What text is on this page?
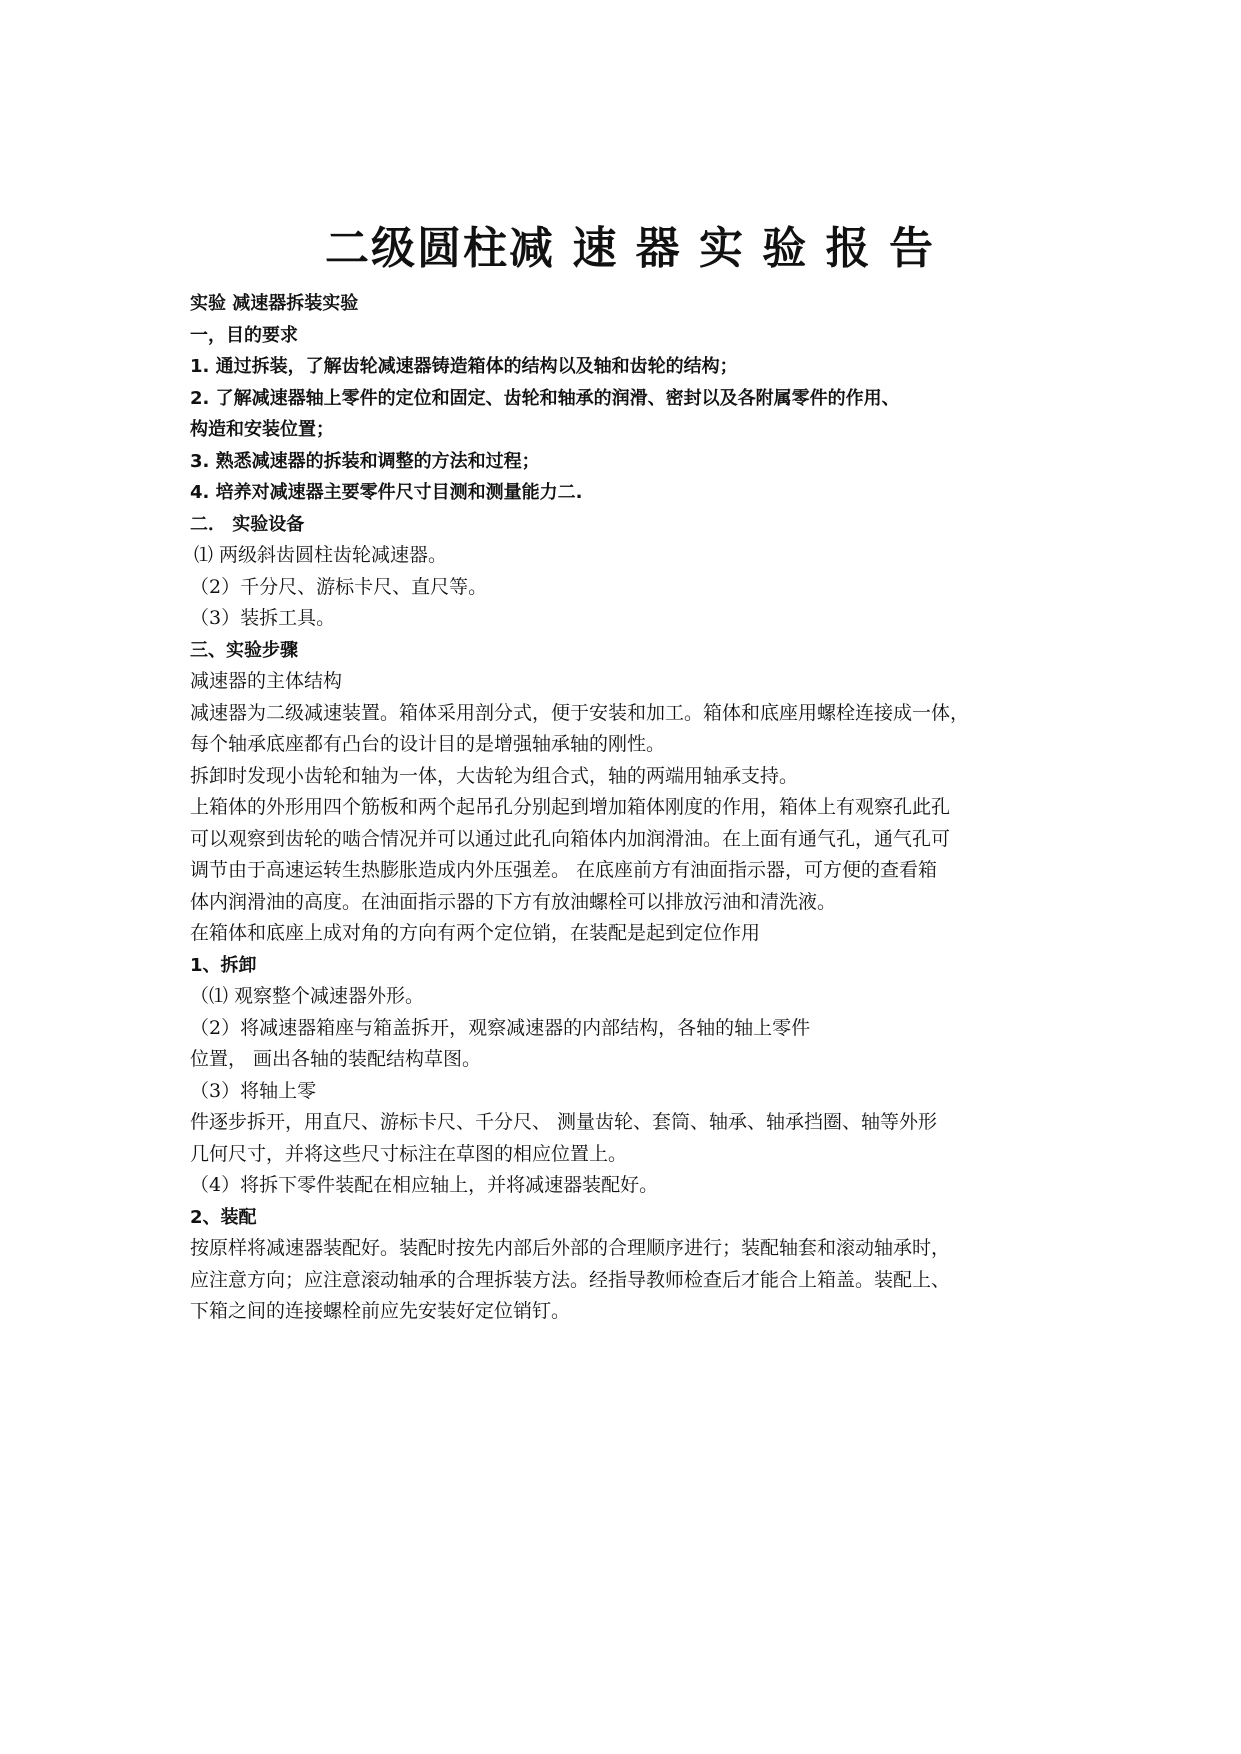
二级圆柱减 速 器 实 验 报 告

实验 减速器拆装实验

一，目的要求

1. 通过拆装，了解齿轮减速器铸造箱体的结构以及轴和齿轮的结构；

2. 了解减速器轴上零件的定位和固定、齿轮和轴承的润滑、密封以及各附属零件的作用、

构造和安装位置；

3. 熟悉减速器的拆装和调整的方法和过程；

4. 培养对减速器主要零件尺寸目测和测量能力二.

二． 实验设备

⑴ 两级斜齿圆柱齿轮减速器。

（2）千分尺、游标卡尺、直尺等。

（3）装拆工具。

三、实验步骤

减速器的主体结构

减速器为二级减速装置。箱体采用剖分式，便于安装和加工。箱体和底座用螺栓连接成一体，

每个轴承底座都有凸台的设计目的是增强轴承轴的刚性。

拆卸时发现小齿轮和轴为一体，大齿轮为组合式，轴的两端用轴承支持。

上箱体的外形用四个筋板和两个起吊孔分别起到增加箱体刚度的作用，箱体上有观察孔此孔

可以观察到齿轮的啮合情况并可以通过此孔向箱体内加润滑油。在上面有通气孔，通气孔可

调节由于高速运转生热膨胀造成内外压强差。 在底座前方有油面指示器，可方便的查看箱

体内润滑油的高度。在油面指示器的下方有放油螺栓可以排放污油和清洗液。

在箱体和底座上成对角的方向有两个定位销，在装配是起到定位作用

1、拆卸

（⑴ 观察整个减速器外形。

（2）将减速器箱座与箱盖拆开，观察减速器的内部结构，各轴的轴上零件

位置， 画出各轴的装配结构草图。

（3）将轴上零

件逐步拆开，用直尺、游标卡尺、千分尺、 测量齿轮、套筒、轴承、轴承挡圈、轴等外形

几何尺寸，并将这些尺寸标注在草图的相应位置上。

（4）将拆下零件装配在相应轴上，并将减速器装配好。

2、装配

按原样将减速器装配好。装配时按先内部后外部的合理顺序进行；装配轴套和滚动轴承时，

应注意方向；应注意滚动轴承的合理拆装方法。经指导教师检查后才能合上箱盖。装配上、

下箱之间的连接螺栓前应先安装好定位销钉。
